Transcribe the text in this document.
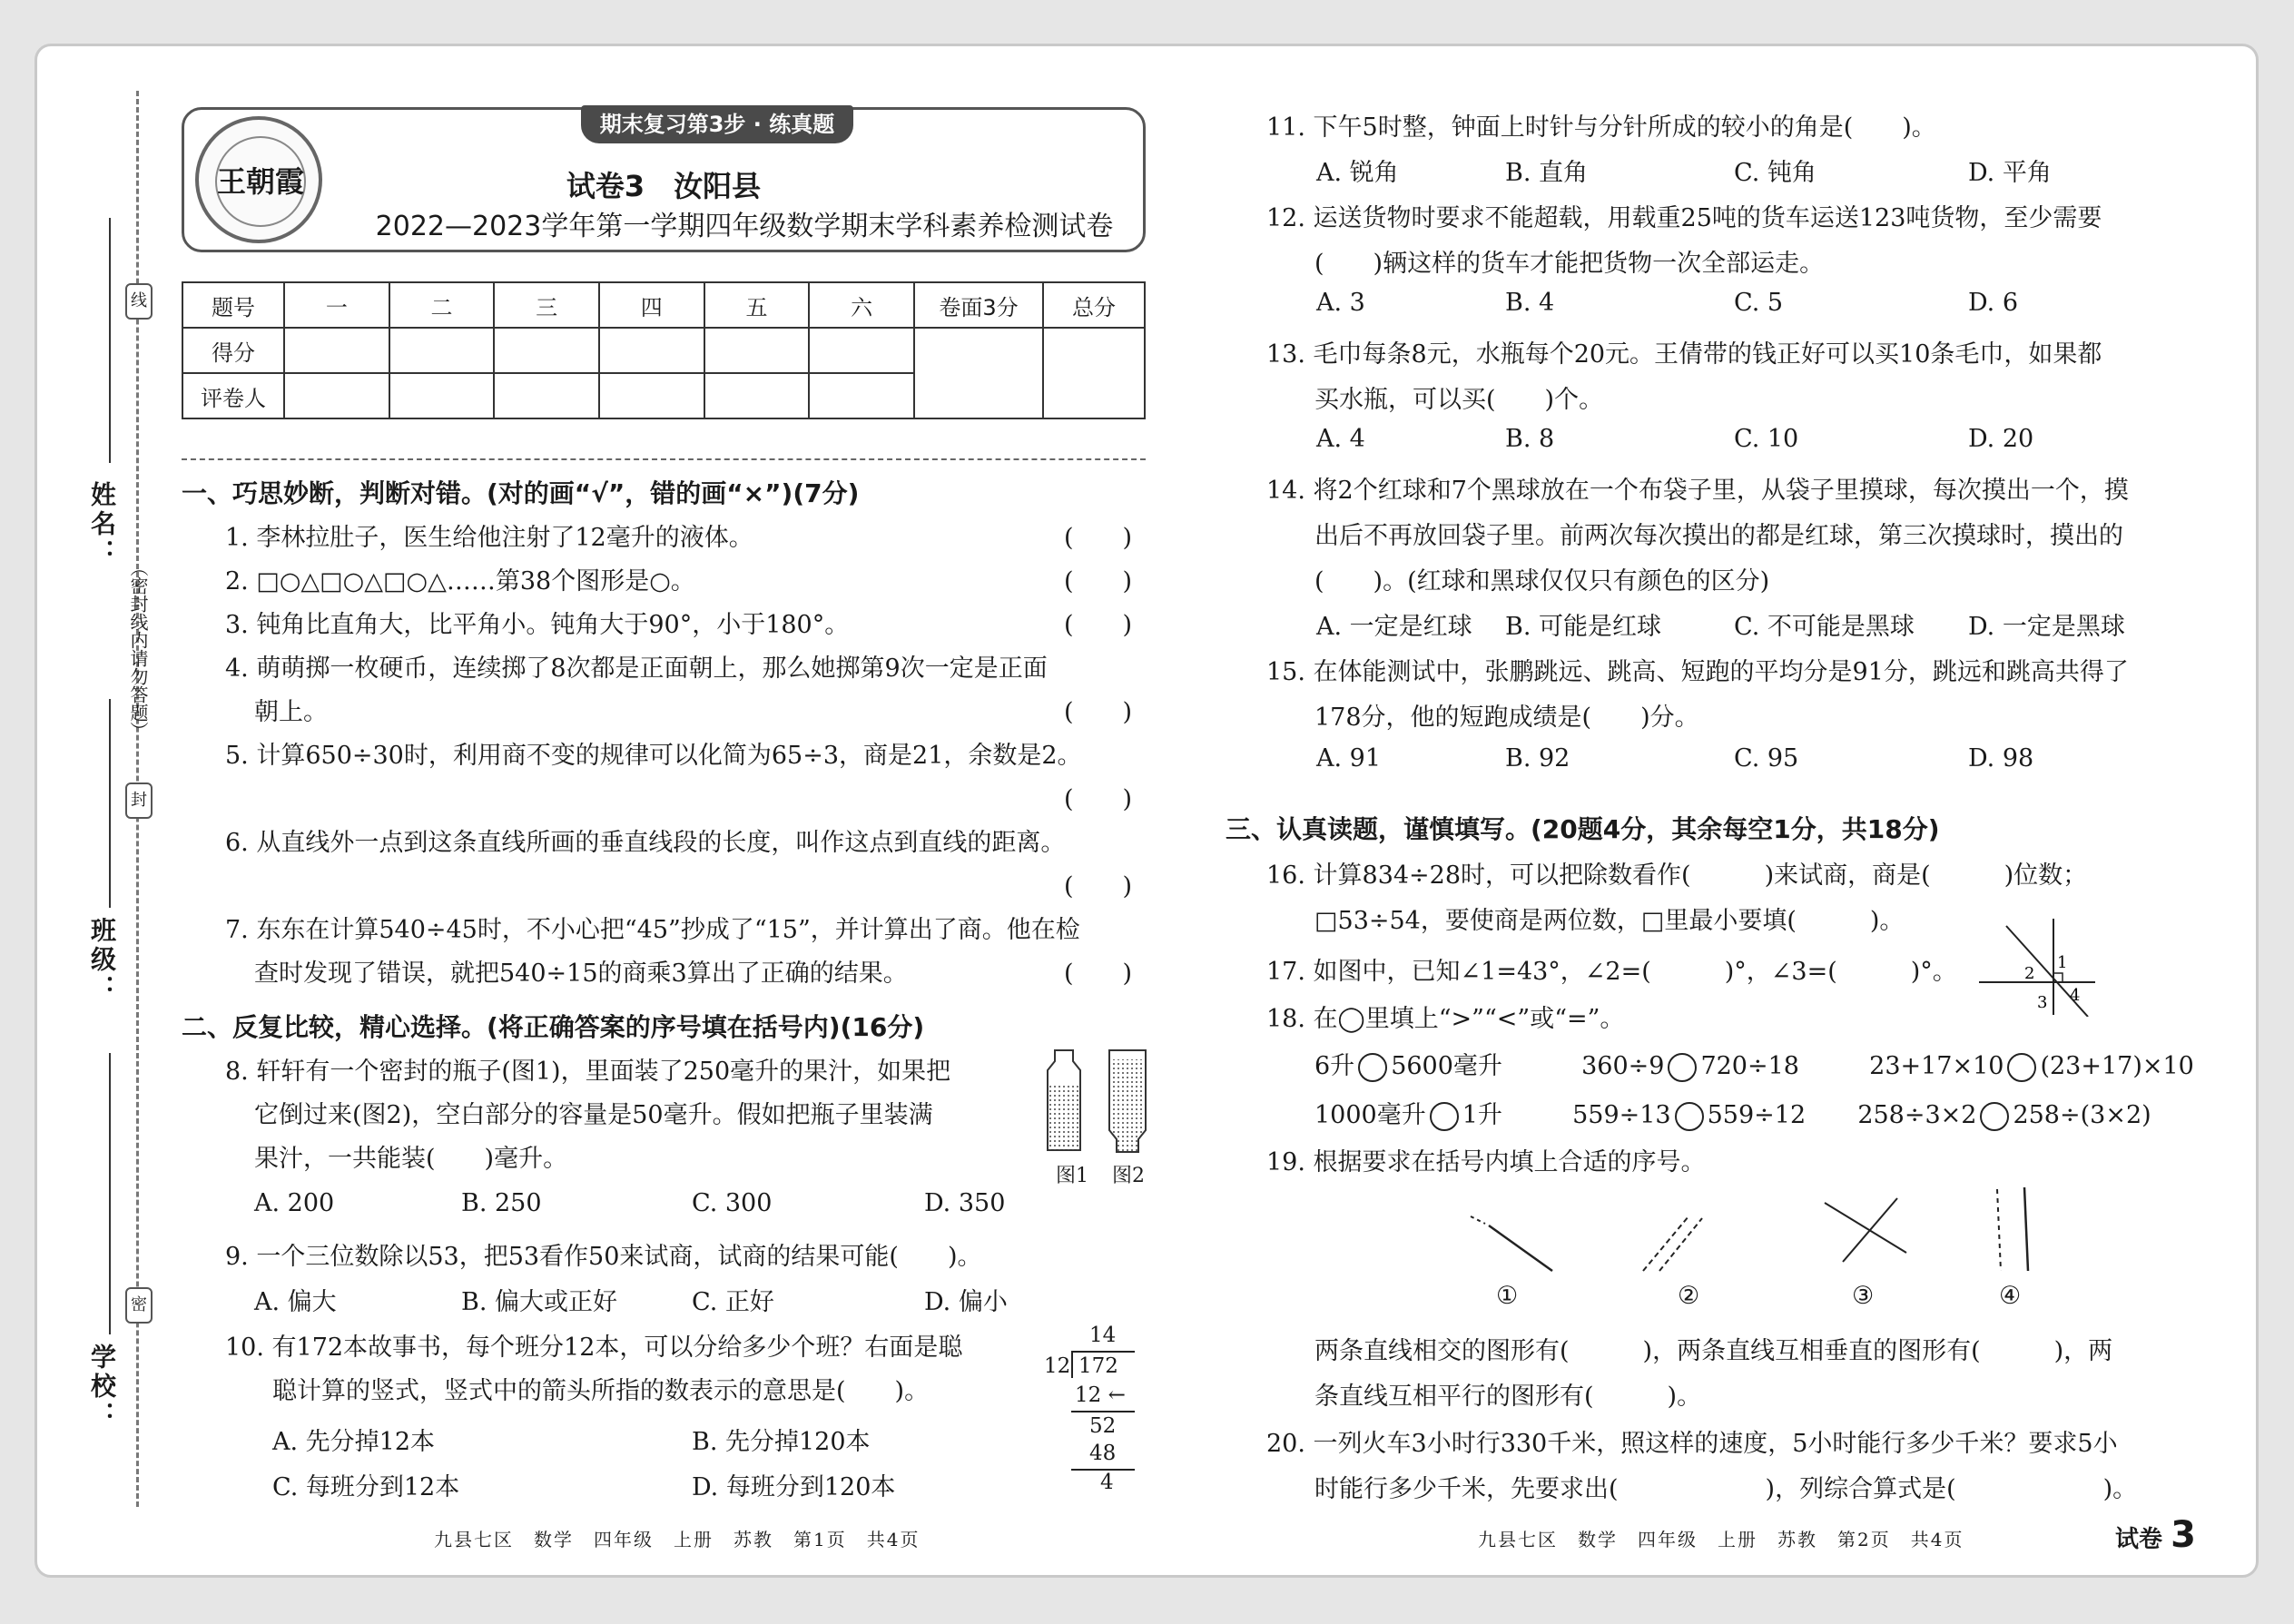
姓名：
班级：
学校：
线
封
密
（密封线内请勿答题）
期末复习第3步 · 练真题
王朝霞	试卷3　汝阳县
2022—2023学年第一学期四年级数学期末学科素养检测试卷
题号	一	二	三	四	五	六	卷面3分	总分
得分								
评卷人								
一、巧思妙断，判断对错。(对的画“√”，错的画“×”)(7分)
1. 李林拉肚子，医生给他注射了12毫升的液体。	(　　)
2. □○△□○△□○△……第38个图形是○。	(　　)
3. 钝角比直角大，比平角小。钝角大于90°，小于180°。	(　　)
4. 萌萌掷一枚硬币，连续掷了8次都是正面朝上，那么她掷第9次一定是正面
朝上。	(　　)
5. 计算650÷30时，利用商不变的规律可以化简为65÷3，商是21，余数是2。
(　　)
6. 从直线外一点到这条直线所画的垂直线段的长度，叫作这点到直线的距离。
(　　)
7. 东东在计算540÷45时，不小心把“45”抄成了“15”，并计算出了商。他在检
查时发现了错误，就把540÷15的商乘3算出了正确的结果。	(　　)
二、反复比较，精心选择。(将正确答案的序号填在括号内)(16分)
8. 轩轩有一个密封的瓶子(图1)，里面装了250毫升的果汁，如果把
它倒过来(图2)，空白部分的容量是50毫升。假如把瓶子里装满
果汁，一共能装(　　)毫升。
A. 200	B. 250	C. 300	D. 350
图1 图2
9. 一个三位数除以53，把53看作50来试商，试商的结果可能(　　)。
A. 偏大	B. 偏大或正好	C. 正好	D. 偏小
10. 有172本故事书，每个班分12本，可以分给多少个班？右面是聪
聪计算的竖式，竖式中的箭头所指的数表示的意思是(　　)。
A. 先分掉12本	B. 先分掉120本
C. 每班分到12本	D. 每班分到120本
14
12 172
12 ←
52
48
4
九县七区　数学　四年级　上册　苏教　第1页　共4页
11. 下午5时整，钟面上时针与分针所成的较小的角是(　　)。
A. 锐角	B. 直角	C. 钝角	D. 平角
12. 运送货物时要求不能超载，用载重25吨的货车运送123吨货物，至少需要
(　　)辆这样的货车才能把货物一次全部运走。
A. 3	B. 4	C. 5	D. 6
13. 毛巾每条8元，水瓶每个20元。王倩带的钱正好可以买10条毛巾，如果都
买水瓶，可以买(　　)个。
A. 4	B. 8	C. 10	D. 20
14. 将2个红球和7个黑球放在一个布袋子里，从袋子里摸球，每次摸出一个，摸
出后不再放回袋子里。前两次每次摸出的都是红球，第三次摸球时，摸出的
(　　)。(红球和黑球仅仅只有颜色的区分)
A. 一定是红球 B. 可能是红球	C. 不可能是黑球 D. 一定是黑球
15. 在体能测试中，张鹏跳远、跳高、短跑的平均分是91分，跳远和跳高共得了
178分，他的短跑成绩是(　　)分。
A. 91	B. 92	C. 95	D. 98
三、认真读题，谨慎填写。(20题4分，其余每空1分，共18分)
16. 计算834÷28时，可以把除数看作(　　　)来试商，商是(　　　)位数；
□53÷54，要使商是两位数，□里最小要填(　　　)。
17. 如图中，已知∠1=43°，∠2=(　　　)°，∠3=(　　　)°。	1
2
3 4
18. 在◯里填上“>”“<”或“=”。
6升 5600毫升	360÷9 720÷18	23+17×10 (23+17)×10
1000毫升 1升	559÷13 559÷12 258÷3×2 258÷(3×2)
19. 根据要求在括号内填上合适的序号。
①	②	③	④
两条直线相交的图形有(　　　)，两条直线互相垂直的图形有(　　　)，两
条直线互相平行的图形有(　　　)。
20. 一列火车3小时行330千米，照这样的速度，5小时能行多少千米？要求5小
时能行多少千米，先要求出(　　　　　　)，列综合算式是(　　　　　　)。
九县七区　数学　四年级　上册　苏教　第2页　共4页	试卷 3
